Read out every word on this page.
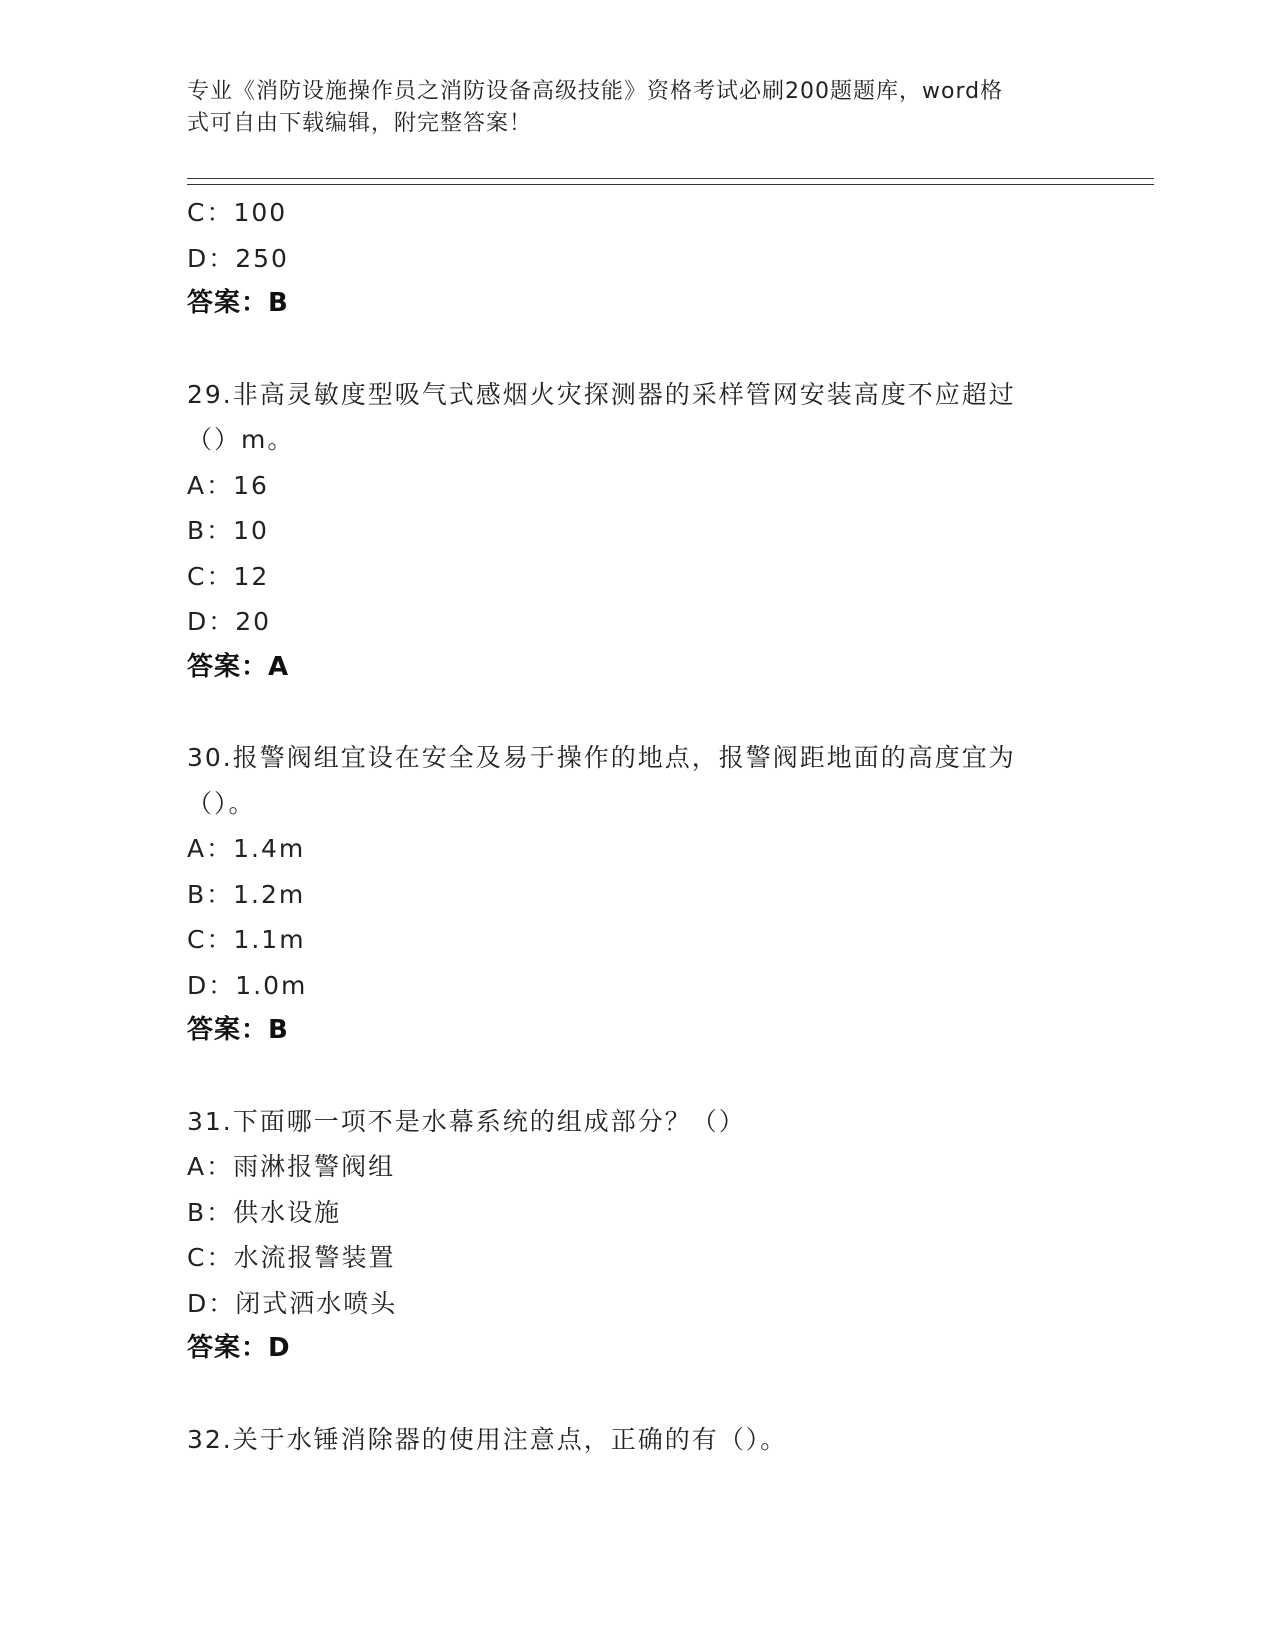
专业《消防设施操作员之消防设备高级技能》资格考试必刷200题题库，word格
式可自由下载编辑，附完整答案！
C：100
D：250
答案：B
29.非高灵敏度型吸气式感烟火灾探测器的采样管网安装高度不应超过
（）m。
A：16
B：10
C：12
D：20
答案：A
30.报警阀组宜设在安全及易于操作的地点，报警阀距地面的高度宜为
（）。
A：1.4m
B：1.2m
C：1.1m
D：1.0m
答案：B
31.下面哪一项不是水幕系统的组成部分？（）
A：雨淋报警阀组
B：供水设施
C：水流报警装置
D：闭式洒水喷头
答案：D
32.关于水锤消除器的使用注意点，正确的有（）。
